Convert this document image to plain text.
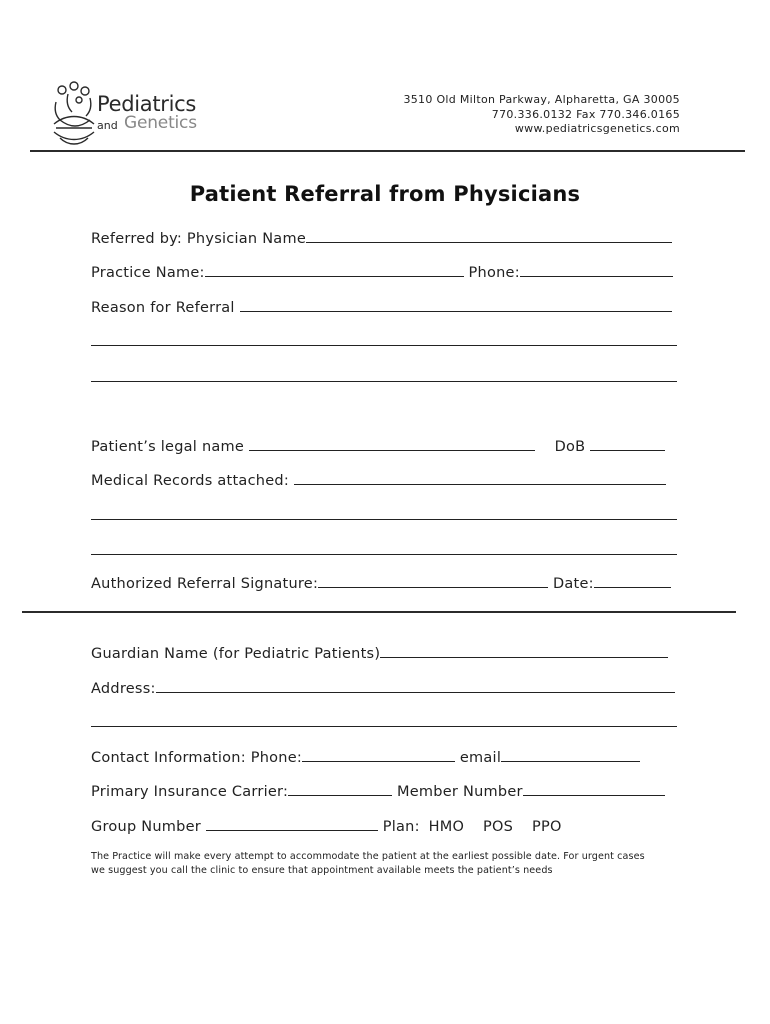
Pediatrics
and Genetics
3510 Old Milton Parkway, Alpharetta, GA 30005
770.336.0132 Fax 770.346.0165
www.pediatricsgenetics.com
Patient Referral from Physicians
Referred by: Physician Name
Practice Name:	Phone:
Reason for Referral
Patient’s legal name	DoB
Medical Records attached:
Authorized Referral Signature:	Date:
Guardian Name (for Pediatric Patients)
Address:
Contact Information: Phone:	email
Primary Insurance Carrier:	Member Number
Group Number	Plan: HMO POS PPO
The Practice will make every attempt to accommodate the patient at the earliest possible date. For urgent cases
we suggest you call the clinic to ensure that appointment available meets the patient’s needs
